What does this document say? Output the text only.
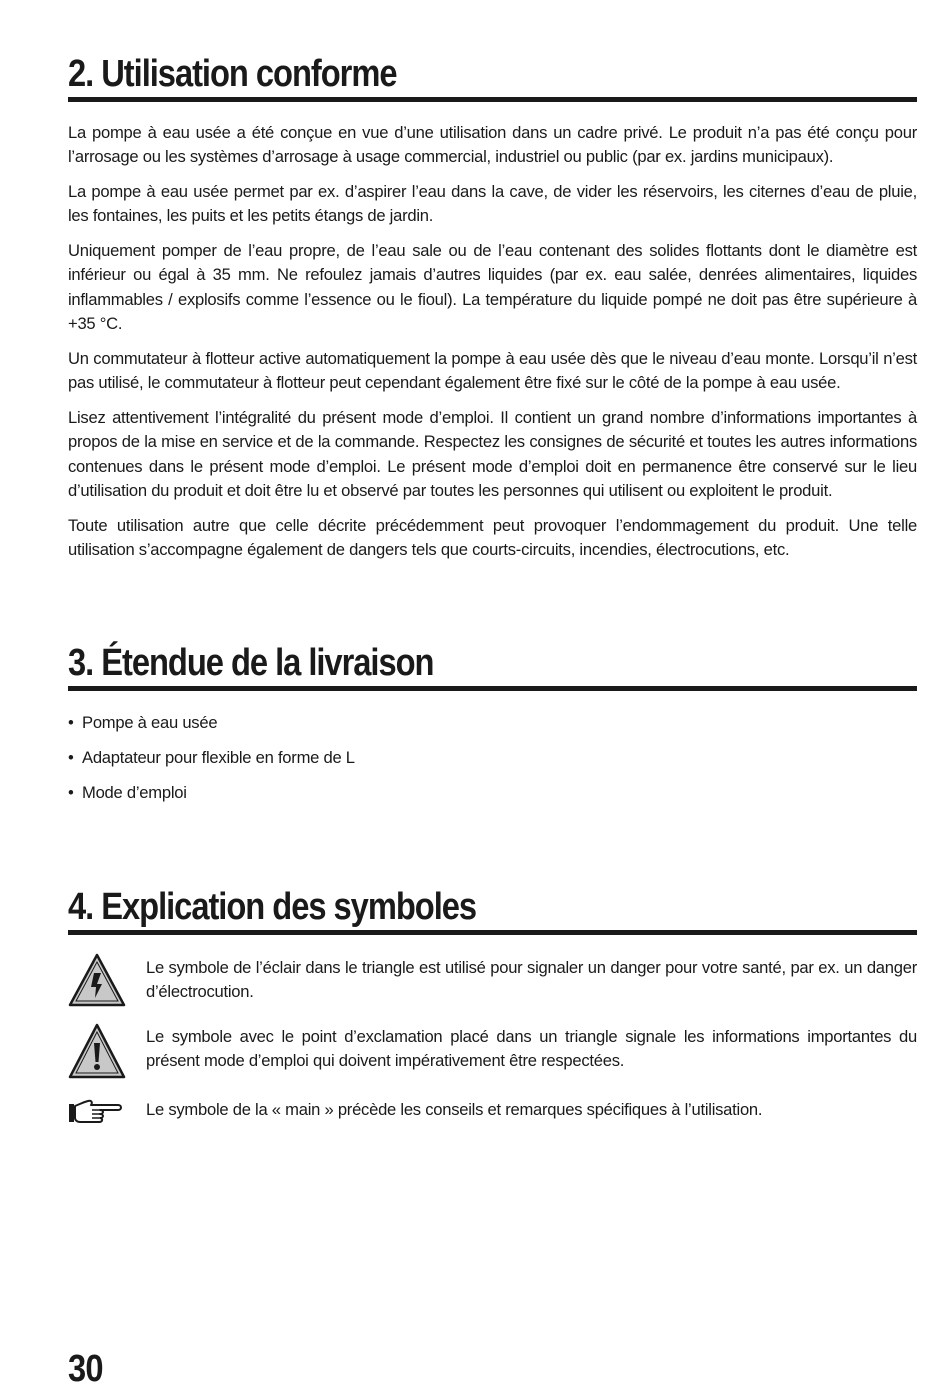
2. Utilisation conforme

La pompe à eau usée a été conçue en vue d’une utilisation dans un cadre privé. Le produit n’a pas été conçu pour l’arrosage ou les systèmes d’arrosage à usage commercial, industriel ou public (par ex. jardins municipaux).

La pompe à eau usée permet par ex. d’aspirer l’eau dans la cave, de vider les réservoirs, les citernes d’eau de pluie, les fontaines, les puits et les petits étangs de jardin.

Uniquement pomper de l’eau propre, de l’eau sale ou de l’eau contenant des solides flottants dont le diamètre est inférieur ou égal à 35 mm. Ne refoulez jamais d’autres liquides (par ex. eau salée, denrées alimentaires, liquides inflammables / explosifs comme l’essence ou le fioul). La température du liquide pompé ne doit pas être supérieure à +35 °C.

Un commutateur à flotteur active automatiquement la pompe à eau usée dès que le niveau d’eau monte. Lorsqu’il n’est pas utilisé, le commutateur à flotteur peut cependant également être fixé sur le côté de la pompe à eau usée.

Lisez attentivement l’intégralité du présent mode d’emploi. Il contient un grand nombre d’informations importantes à propos de la mise en service et de la commande. Respectez les consignes de sécurité et toutes les autres informations contenues dans le présent mode d’emploi. Le présent mode d’emploi doit en permanence être conservé sur le lieu d’utilisation du produit et doit être lu et observé par toutes les personnes qui utilisent ou exploitent le produit.

Toute utilisation autre que celle décrite précédemment peut provoquer l’endommagement du produit. Une telle utilisation s’accompagne également de dangers tels que courts-circuits, incendies, électrocutions, etc.

3. Étendue de la livraison
• Pompe à eau usée
• Adaptateur pour flexible en forme de L
• Mode d’emploi
4. Explication des symboles

Le symbole de l’éclair dans le triangle est utilisé pour signaler un danger pour votre santé, par ex. un danger d’électrocution.

Le symbole avec le point d’exclamation placé dans un triangle signale les informations importantes du présent mode d’emploi qui doivent impérativement être respectées.

Le symbole de la « main » précède les conseils et remarques spécifiques à l’utilisation.

30
